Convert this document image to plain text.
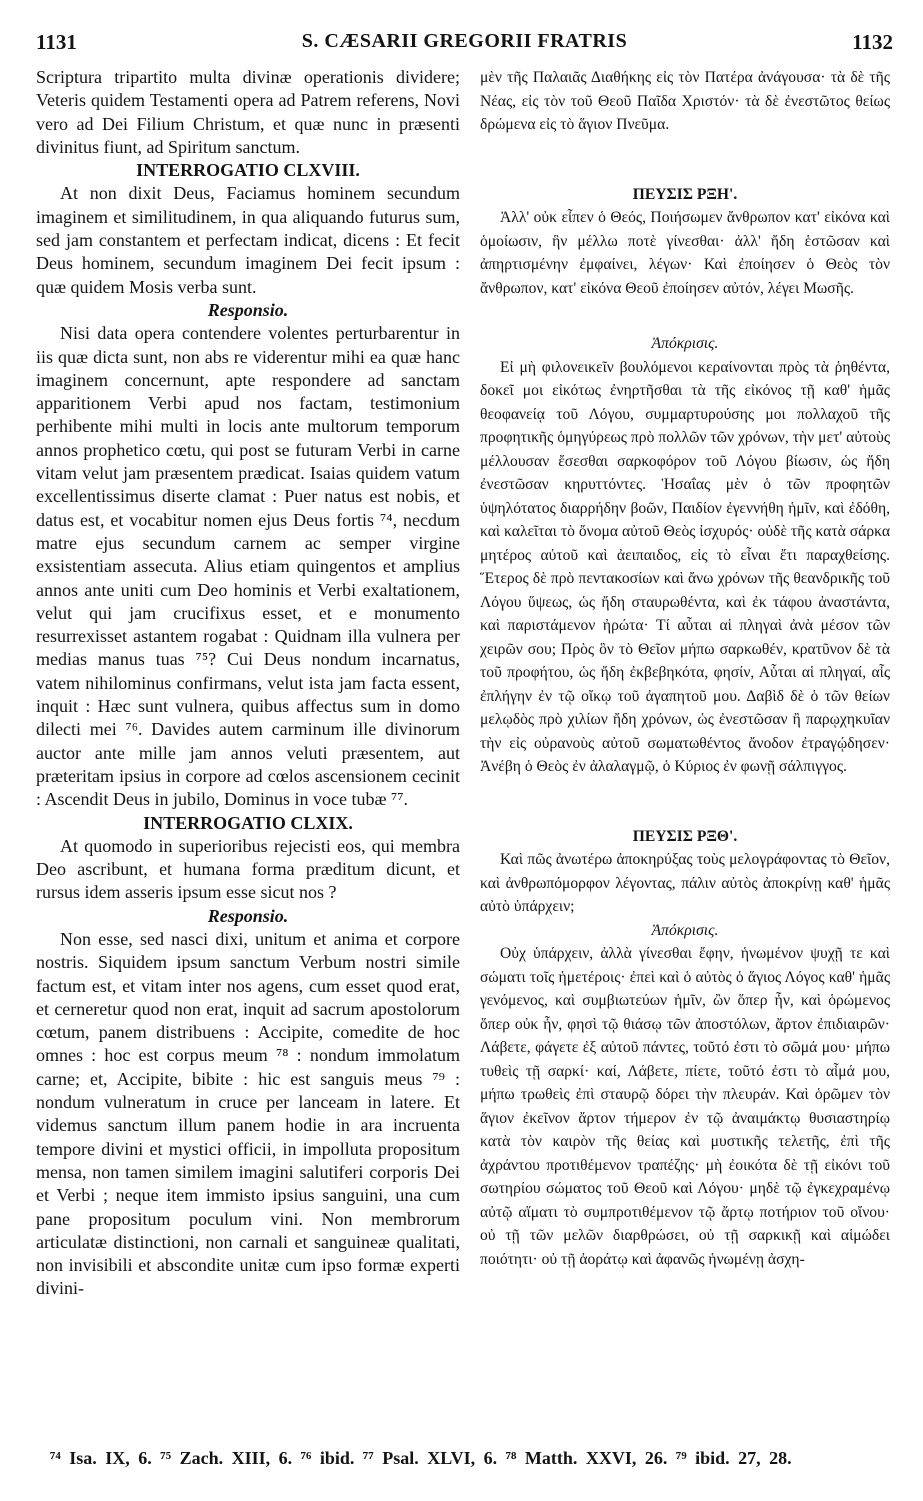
1131	S. CÆSARII GREGORII FRATRIS	1132

Scriptura tripartito multa divinæ operationis dividere; Veteris quidem Testamenti opera ad Patrem referens, Novi vero ad Dei Filium Christum, et quæ nunc in præsenti divinitus fiunt, ad Spiritum sanctum.

INTERROGATIO CLXVIII.

At non dixit Deus, Faciamus hominem secundum imaginem et similitudinem, in qua aliquando futurus sum, sed jam constantem et perfectam indicat, dicens : Et fecit Deus hominem, secundum imaginem Dei fecit ipsum : quæ quidem Mosis verba sunt.

Responsio.

Nisi data opera contendere volentes perturbarentur in iis quæ dicta sunt, non abs re viderentur mihi ea quæ hanc imaginem concernunt, apte respondere ad sanctam apparitionem Verbi apud nos factam, testimonium perhibente mihi multi in locis ante multorum temporum annos prophetico cœtu, qui post se futuram Verbi in carne vitam velut jam præsentem prædicat. Isaias quidem vatum excellentissimus diserte clamat : Puer natus est nobis, et datus est, et vocabitur nomen ejus Deus fortis ⁷⁴, necdum matre ejus secundum carnem ac semper virgine exsistentiam assecuta. Alius etiam quingentos et amplius annos ante uniti cum Deo hominis et Verbi exaltationem, velut qui jam crucifixus esset, et e monumento resurrexisset astantem rogabat : Quidnam illa vulnera per medias manus tuas ⁷⁵? Cui Deus nondum incarnatus, vatem nihilominus confirmans, velut ista jam facta essent, inquit : Hæc sunt vulnera, quibus affectus sum in domo dilecti mei ⁷⁶. Davides autem carminum ille divinorum auctor ante mille jam annos veluti præsentem, aut præteritam ipsius in corpore ad cœlos ascensionem cecinit : Ascendit Deus in jubilo, Dominus in voce tubæ ⁷⁷.

INTERROGATIO CLXIX.

At quomodo in superioribus rejecisti eos, qui membra Deo ascribunt, et humana forma præditum dicunt, et rursus idem asseris ipsum esse sicut nos ?

Responsio.

Non esse, sed nasci dixi, unitum et anima et corpore nostris. Siquidem ipsum sanctum Verbum nostri simile factum est, et vitam inter nos agens, cum esset quod erat, et cerneretur quod non erat, inquit ad sacrum apostolorum cœtum, panem distribuens : Accipite, comedite de hoc omnes : hoc est corpus meum ⁷⁸ : nondum immolatum carne; et, Accipite, bibite : hic est sanguis meus ⁷⁹ : nondum vulneratum in cruce per lanceam in latere. Et videmus sanctum illum panem hodie in ara incruenta tempore divini et mystici officii, in impolluta propositum mensa, non tamen similem imagini salutiferi corporis Dei et Verbi ; neque item immisto ipsius sanguini, una cum pane propositum poculum vini. Non membrorum articulatæ distinctioni, non carnali et sanguineæ qualitati, non invisibili et abscondite unitæ cum ipso formæ experti divini-

μὲν τῆς Παλαιᾶς Διαθήκης εἰς τὸν Πατέρα ἀνάγουσα· τὰ δὲ τῆς Νέας, εἰς τὸν τοῦ Θεοῦ Παῖδα Χριστόν· τὰ δὲ ἐνεστῶτος θείως δρώμενα εἰς τὸ ἅγιον Πνεῦμα.

ΠΕΥΣΙΣ ΡΞΗ'.

Ἀλλ' οὐκ εἶπεν ὁ Θεός, Ποιήσωμεν ἄνθρωπον κατ' εἰκόνα καὶ ὁμοίωσιν, ἣν μέλλω ποτὲ γίνεσθαι· ἀλλ' ἤδη ἑστῶσαν καὶ ἀπηρτισμένην ἐμφαίνει, λέγων· Καὶ ἐποίησεν ὁ Θεὸς τὸν ἄνθρωπον, κατ' εἰκόνα Θεοῦ ἐποίησεν αὐτόν, λέγει Μωσῆς.

Ἀπόκρισις.

Εἰ μὴ φιλονεικεῖν βουλόμενοι κεραίνονται πρὸς τὰ ῥηθέντα, δοκεῖ μοι εἰκότως ἐνηρτῆσθαι τὰ τῆς εἰκόνος τῇ καθ' ἡμᾶς θεοφανείᾳ τοῦ Λόγου, συμμαρτυρούσης μοι πολλαχοῦ τῆς προφητικῆς ὁμηγύρεως πρὸ πολλῶν τῶν χρόνων, τὴν μετ' αὐτοὺς μέλλουσαν ἔσεσθαι σαρκοφόρον τοῦ Λόγου βίωσιν, ὡς ἤδη ἐνεστῶσαν κηρυττόντες. Ἡσαΐας μὲν ὁ τῶν προφητῶν ὑψηλότατος διαρρήδην βοῶν, Παιδίον ἐγεννήθη ἡμῖν, καὶ ἐδόθη, καὶ καλεῖται τὸ ὄνομα αὐτοῦ Θεὸς ἰσχυρός· οὐδὲ τῆς κατὰ σάρκα μητέρος αὐτοῦ καὶ ἀειπαιδος, εἰς τὸ εἶναι ἔτι παραχθείσης. Ἕτερος δὲ πρὸ πεντακοσίων καὶ ἄνω χρόνων τῆς θεανδρικῆς τοῦ Λόγου ὕψεως, ὡς ἤδη σταυρωθέντα, καὶ ἐκ τάφου ἀναστάντα, καὶ παριστάμενον ἠρώτα· Τί αὗται αἱ πληγαὶ ἀνὰ μέσον τῶν χειρῶν σου; Πρὸς ὃν τὸ Θεῖον μήπω σαρκωθέν, κρατῦνον δὲ τὰ τοῦ προφήτου, ὡς ἤδη ἐκβεβηκότα, φησίν, Αὗται αἱ πληγαί, αἷς ἐπλήγην ἐν τῷ οἴκῳ τοῦ ἀγαπητοῦ μου. Δαβὶδ δὲ ὁ τῶν θείων μελῳδὸς πρὸ χιλίων ἤδη χρόνων, ὡς ἐνεστῶσαν ἢ παρῳχηκυῖαν τὴν εἰς οὐρανοὺς αὐτοῦ σωματωθέντος ἄνοδον ἐτραγῴδησεν· Ἀνέβη ὁ Θεὸς ἐν ἀλαλαγμῷ, ὁ Κύριος ἐν φωνῇ σάλπιγγος.

ΠΕΥΣΙΣ ΡΞΘ'.

Καὶ πῶς ἀνωτέρω ἀποκηρύξας τοὺς μελογράφοντας τὸ Θεῖον, καὶ ἀνθρωπόμορφον λέγοντας, πάλιν αὐτὸς ἀποκρίνῃ καθ' ἡμᾶς αὐτὸ ὑπάρχειν;

Ἀπόκρισις.

Οὐχ ὑπάρχειν, ἀλλὰ γίνεσθαι ἔφην, ἡνωμένον ψυχῇ τε καὶ σώματι τοῖς ἡμετέροις· ἐπεὶ καὶ ὁ αὐτὸς ὁ ἅγιος Λόγος καθ' ἡμᾶς γενόμενος, καὶ συμβιωτεύων ἡμῖν, ὢν ὅπερ ἦν, καὶ ὁρώμενος ὅπερ οὐκ ἦν, φησὶ τῷ θιάσῳ τῶν ἀποστόλων, ἄρτον ἐπιδιαιρῶν· Λάβετε, φάγετε ἐξ αὐτοῦ πάντες, τοῦτό ἐστι τὸ σῶμά μου· μήπω τυθεὶς τῇ σαρκί· καί, Λάβετε, πίετε, τοῦτό ἐστι τὸ αἷμά μου, μήπω τρωθεὶς ἐπὶ σταυρῷ δόρει τὴν πλευράν. Καὶ ὁρῶμεν τὸν ἅγιον ἐκεῖνον ἄρτον τήμερον ἐν τῷ ἀναιμάκτῳ θυσιαστηρίῳ κατὰ τὸν καιρὸν τῆς θείας καὶ μυστικῆς τελετῆς, ἐπὶ τῆς ἀχράντου προτιθέμενον τραπέζης· μὴ ἐοικότα δὲ τῇ εἰκόνι τοῦ σωτηρίου σώματος τοῦ Θεοῦ καὶ Λόγου· μηδὲ τῷ ἐγκεχραμένῳ αὐτῷ αἵματι τὸ συμπροτιθέμενον τῷ ἄρτῳ ποτήριον τοῦ οἴνου· οὐ τῇ τῶν μελῶν διαρθρώσει, οὐ τῇ σαρκικῇ καὶ αἱμώδει ποιότητι· οὐ τῇ ἀοράτῳ καὶ ἀφανῶς ἡνωμένῃ ἀσχη-

⁷⁴ Isa. IX, 6. ⁷⁵ Zach. XIII, 6. ⁷⁶ ibid. ⁷⁷ Psal. XLVI, 6. ⁷⁸ Matth. XXVI, 26. ⁷⁹ ibid. 27, 28.
